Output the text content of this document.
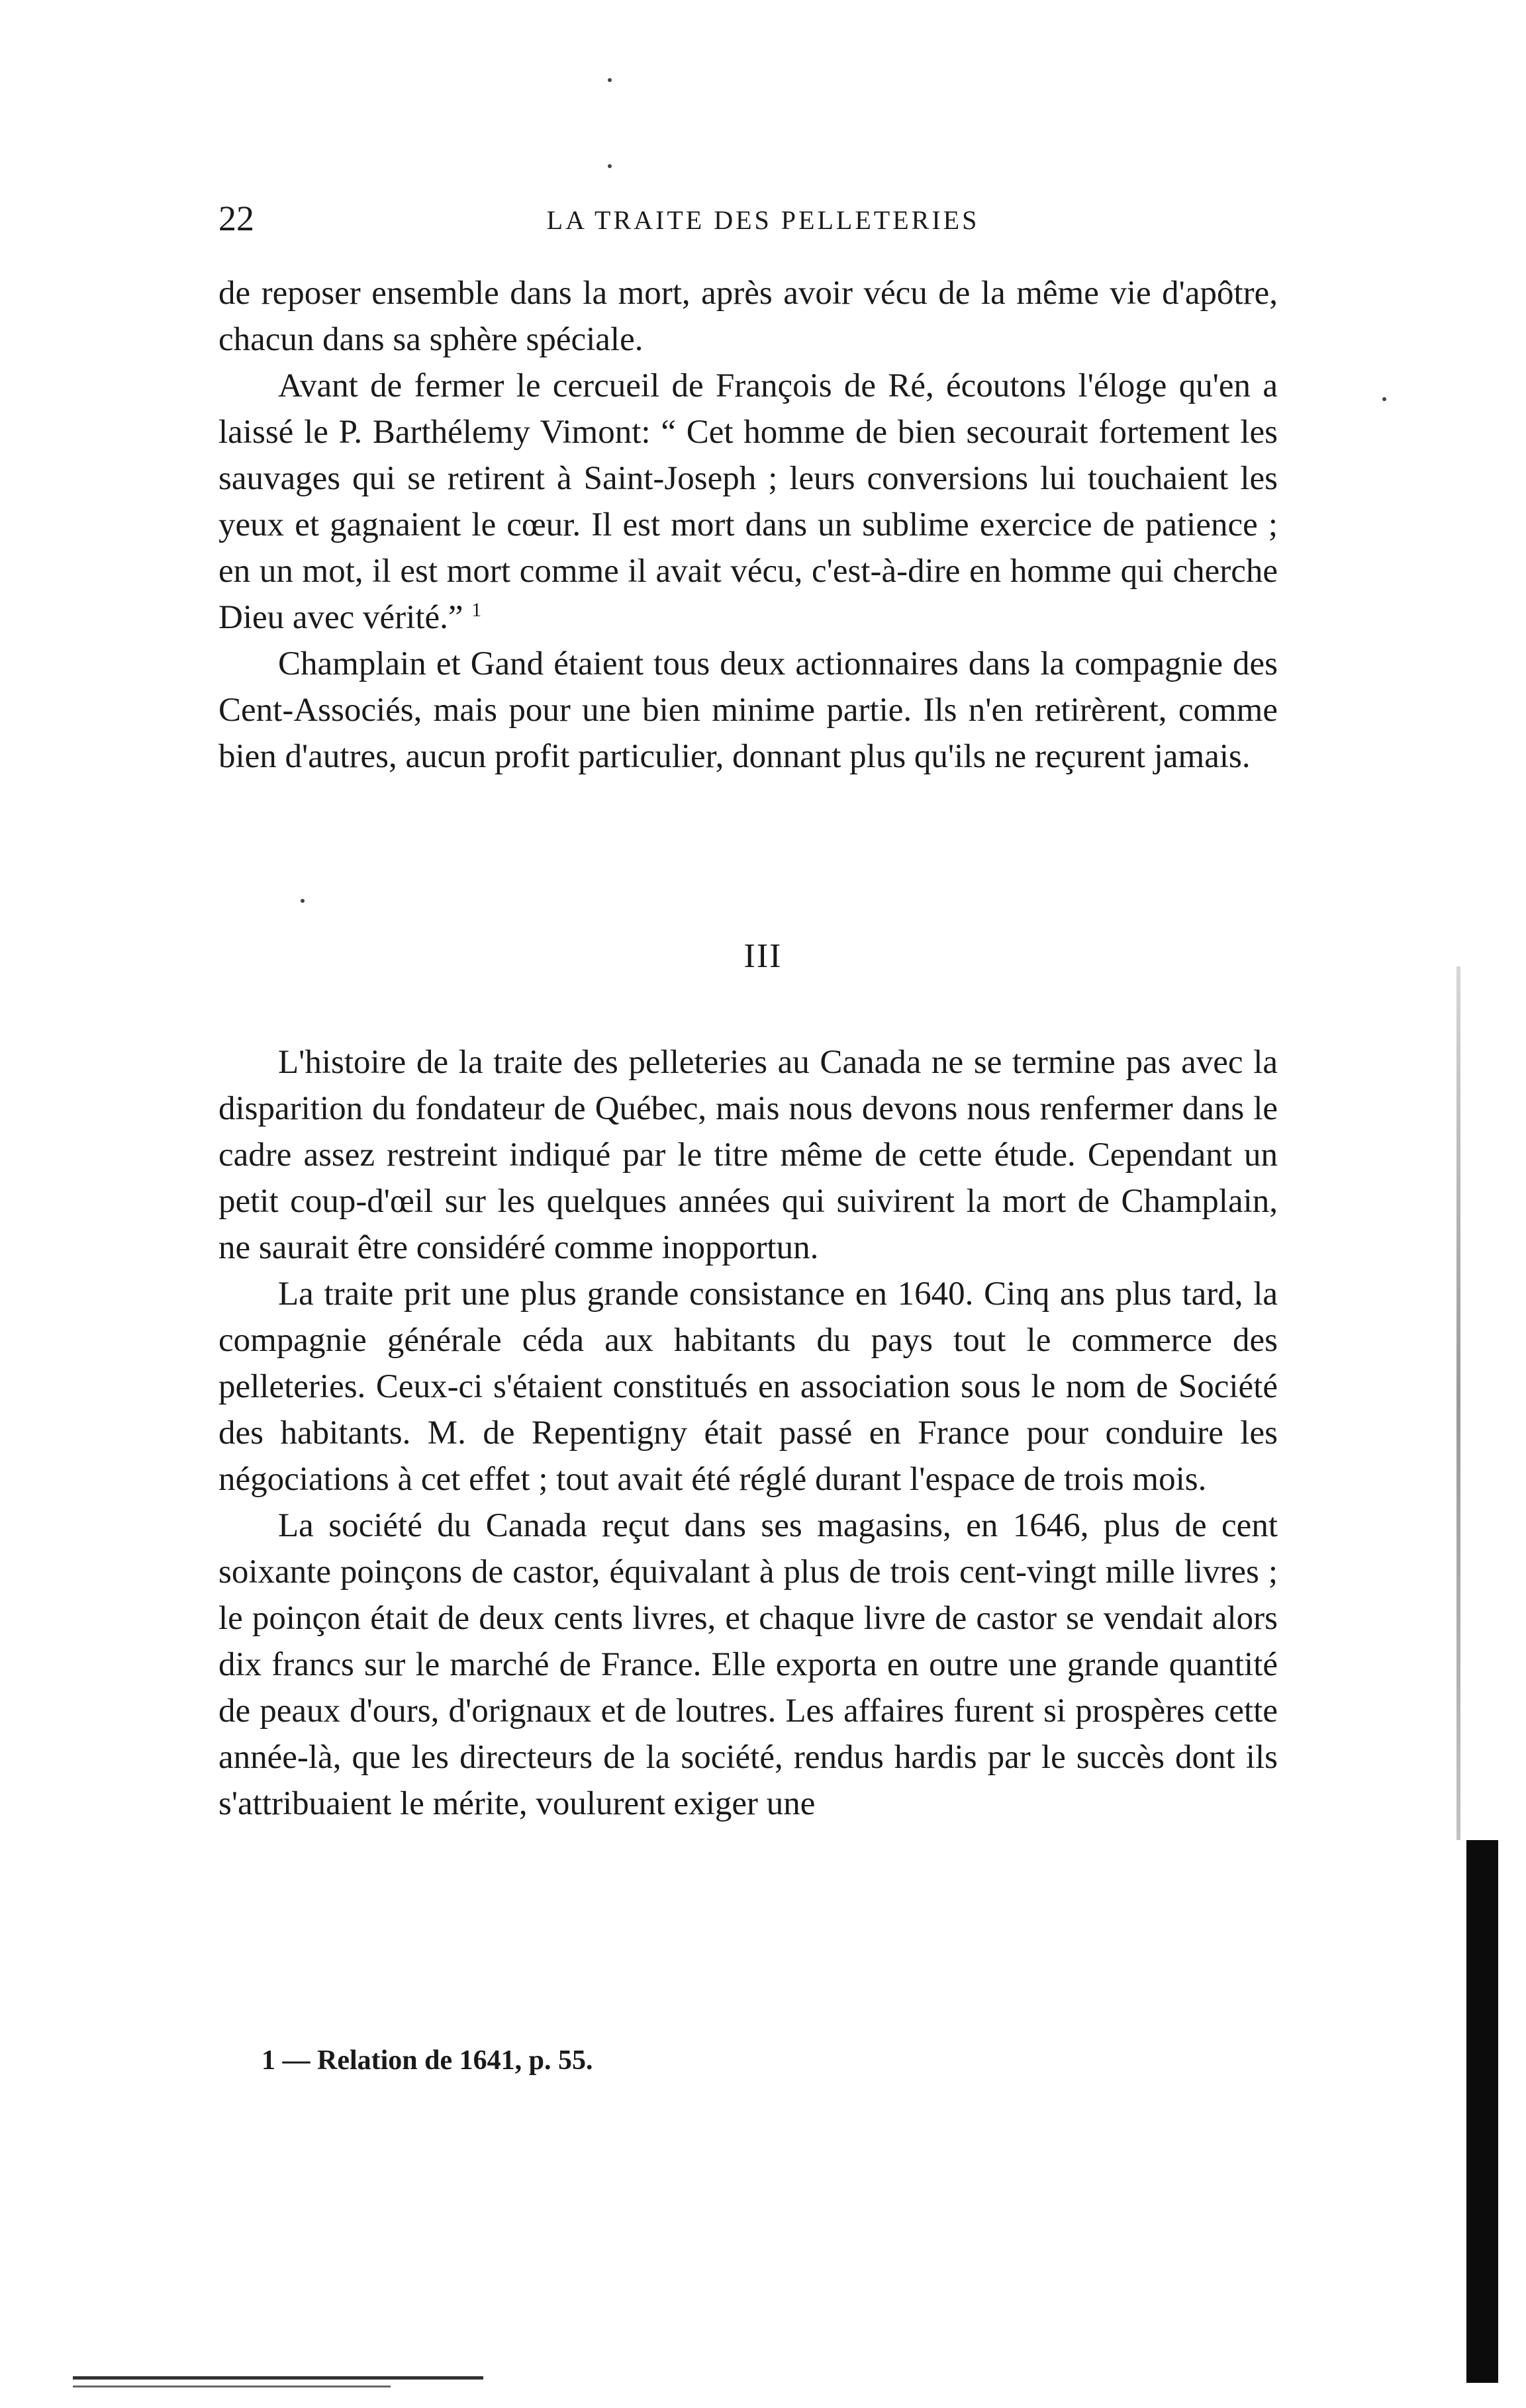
22	LA TRAITE DES PELLETERIES

de reposer ensemble dans la mort, après avoir vécu de la même vie d'apôtre, chacun dans sa sphère spéciale.

Avant de fermer le cercueil de François de Ré, écoutons l'éloge qu'en a laissé le P. Barthélemy Vimont: “ Cet homme de bien secourait fortement les sauvages qui se retirent à Saint-Joseph ; leurs conversions lui touchaient les yeux et gagnaient le cœur. Il est mort dans un sublime exercice de patience ; en un mot, il est mort comme il avait vécu, c'est-à-dire en homme qui cherche Dieu avec vérité.” $^1$

Champlain et Gand étaient tous deux actionnaires dans la compagnie des Cent-Associés, mais pour une bien minime partie. Ils n'en retirèrent, comme bien d'autres, aucun profit particulier, donnant plus qu'ils ne reçurent jamais.

III

L'histoire de la traite des pelleteries au Canada ne se termine pas avec la disparition du fondateur de Québec, mais nous devons nous renfermer dans le cadre assez restreint indiqué par le titre même de cette étude. Cependant un petit coup-d'œil sur les quelques années qui suivirent la mort de Champlain, ne saurait être considéré comme inopportun.

La traite prit une plus grande consistance en 1640. Cinq ans plus tard, la compagnie générale céda aux habitants du pays tout le commerce des pelleteries. Ceux-ci s'étaient constitués en association sous le nom de Société des habitants. M. de Repentigny était passé en France pour conduire les négociations à cet effet ; tout avait été réglé durant l'espace de trois mois.

La société du Canada reçut dans ses magasins, en 1646, plus de cent soixante poinçons de castor, équivalant à plus de trois cent-vingt mille livres ; le poinçon était de deux cents livres, et chaque livre de castor se vendait alors dix francs sur le marché de France. Elle exporta en outre une grande quantité de peaux d'ours, d'orignaux et de loutres. Les affaires furent si prospères cette année-là, que les directeurs de la société, rendus hardis par le succès dont ils s'attribuaient le mérite, voulurent exiger une

1 — Relation de 1641, p. 55.
